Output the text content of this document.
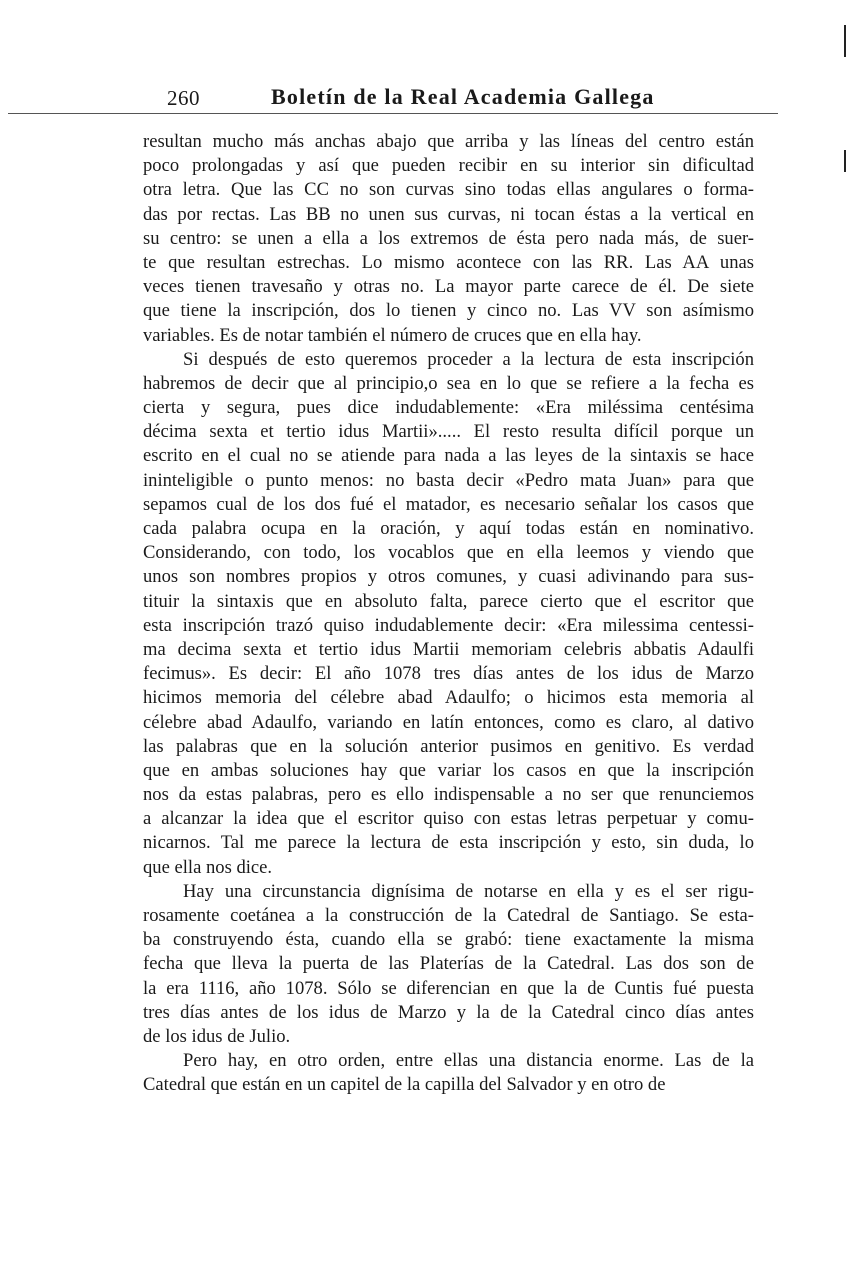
260	Boletín de la Real Academia Gallega

resultan mucho más anchas abajo que arriba y las líneas del centro están
poco prolongadas y así que pueden recibir en su interior sin dificultad
otra letra. Que las CC no son curvas sino todas ellas angulares o forma-
das por rectas. Las BB no unen sus curvas, ni tocan éstas a la vertical en
su centro: se unen a ella a los extremos de ésta pero nada más, de suer-
te que resultan estrechas. Lo mismo acontece con las RR. Las AA unas
veces tienen travesaño y otras no. La mayor parte carece de él. De siete
que tiene la inscripción, dos lo tienen y cinco no. Las VV son asímismo
variables. Es de notar también el número de cruces que en ella hay.

Si después de esto queremos proceder a la lectura de esta inscripción
habremos de decir que al principio,o sea en lo que se refiere a la fecha es
cierta y segura, pues dice indudablemente: «Era miléssima centésima
décima sexta et tertio idus Martii»..... El resto resulta difícil porque un
escrito en el cual no se atiende para nada a las leyes de la sintaxis se hace
ininteligible o punto menos: no basta decir «Pedro mata Juan» para que
sepamos cual de los dos fué el matador, es necesario señalar los casos que
cada palabra ocupa en la oración, y aquí todas están en nominativo.
Considerando, con todo, los vocablos que en ella leemos y viendo que
unos son nombres propios y otros comunes, y cuasi adivinando para sus-
tituir la sintaxis que en absoluto falta, parece cierto que el escritor que
esta inscripción trazó quiso indudablemente decir: «Era milessima centessi-
ma decima sexta et tertio idus Martii memoriam celebris abbatis Adaulfi
fecimus». Es decir: El año 1078 tres días antes de los idus de Marzo
hicimos memoria del célebre abad Adaulfo; o hicimos esta memoria al
célebre abad Adaulfo, variando en latín entonces, como es claro, al dativo
las palabras que en la solución anterior pusimos en genitivo. Es verdad
que en ambas soluciones hay que variar los casos en que la inscripción
nos da estas palabras, pero es ello indispensable a no ser que renunciemos
a alcanzar la idea que el escritor quiso con estas letras perpetuar y comu-
nicarnos. Tal me parece la lectura de esta inscripción y esto, sin duda, lo
que ella nos dice.

Hay una circunstancia dignísima de notarse en ella y es el ser rigu-
rosamente coetánea a la construcción de la Catedral de Santiago. Se esta-
ba construyendo ésta, cuando ella se grabó: tiene exactamente la misma
fecha que lleva la puerta de las Platerías de la Catedral. Las dos son de
la era 1116, año 1078. Sólo se diferencian en que la de Cuntis fué puesta
tres días antes de los idus de Marzo y la de la Catedral cinco días antes
de los idus de Julio.

Pero hay, en otro orden, entre ellas una distancia enorme. Las de la
Catedral que están en un capitel de la capilla del Salvador y en otro de
